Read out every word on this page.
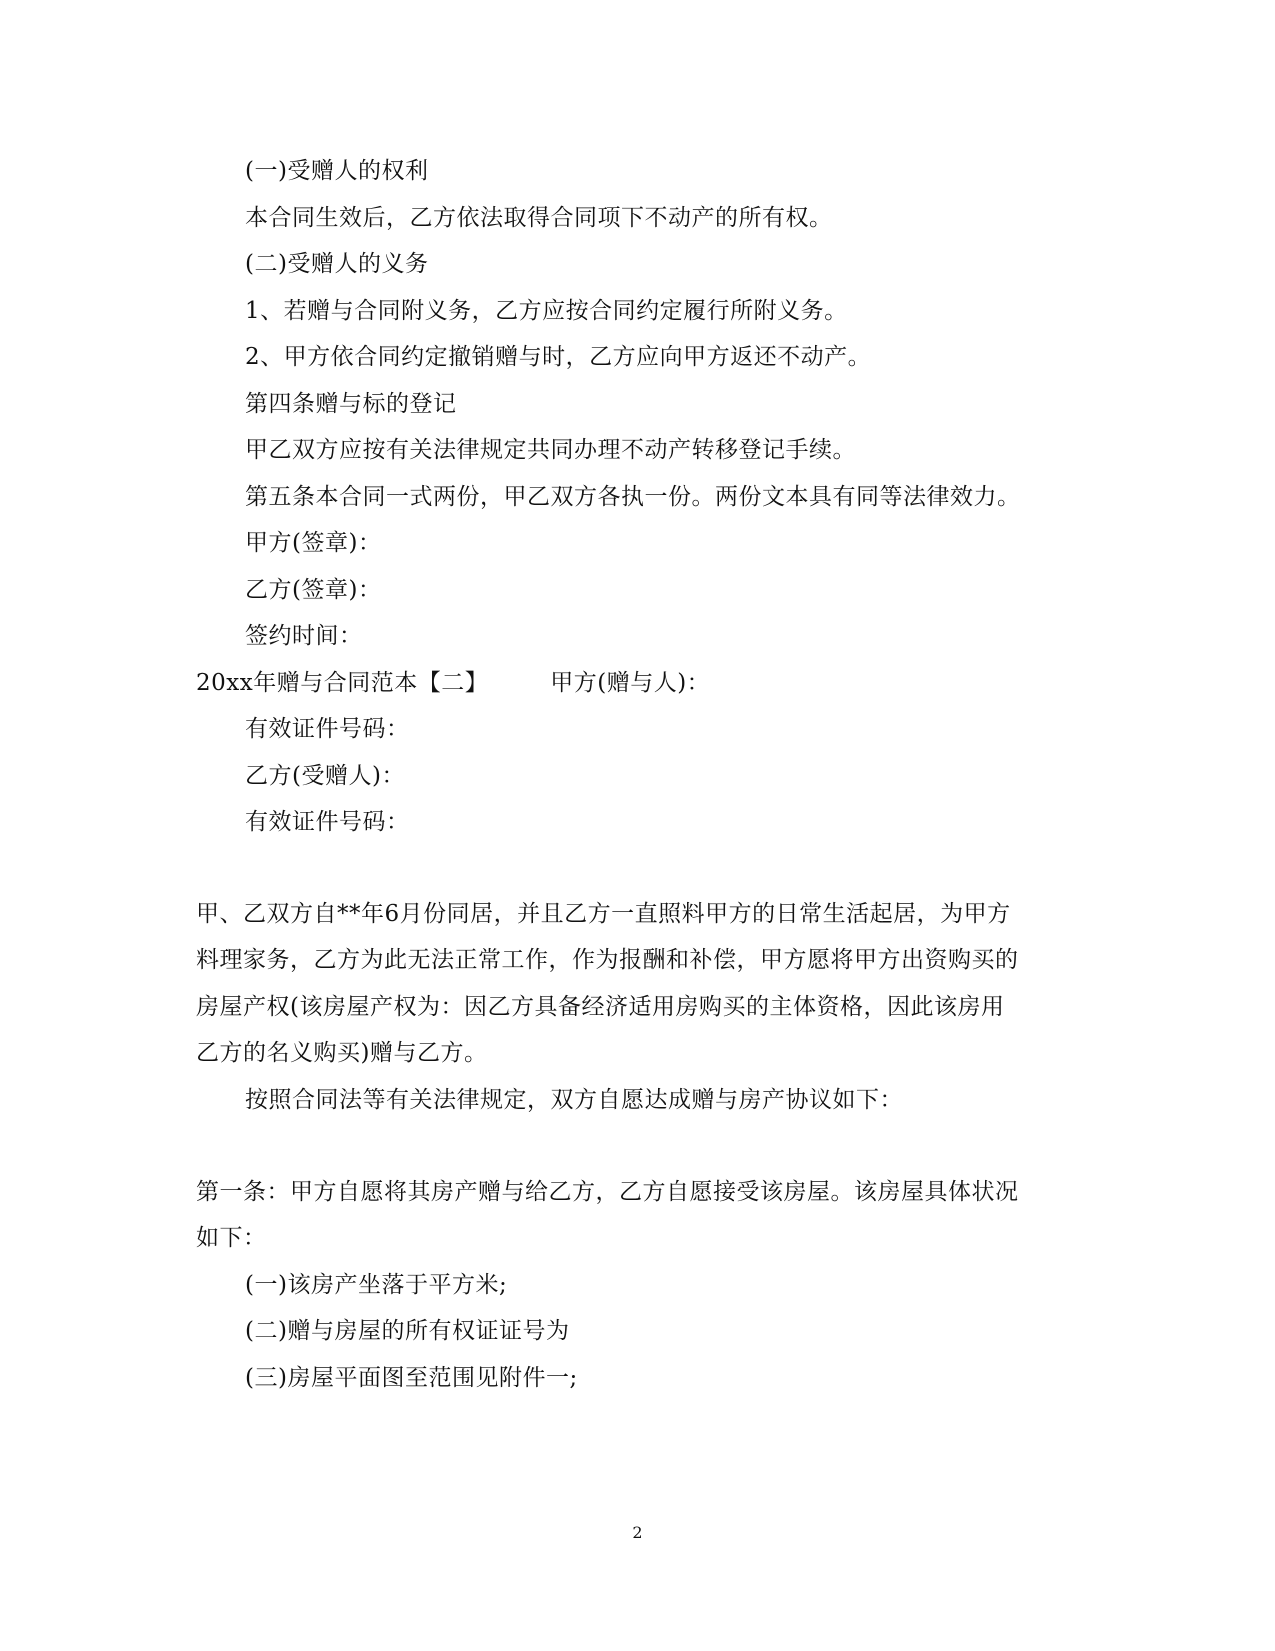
(一)受赠人的权利
本合同生效后，乙方依法取得合同项下不动产的所有权。
(二)受赠人的义务
1、若赠与合同附义务，乙方应按合同约定履行所附义务。
2、甲方依合同约定撤销赠与时，乙方应向甲方返还不动产。
第四条赠与标的登记
甲乙双方应按有关法律规定共同办理不动产转移登记手续。
第五条本合同一式两份，甲乙双方各执一份。两份文本具有同等法律效力。
甲方(签章)：
乙方(签章)：
签约时间：
20xx年赠与合同范本【二】	甲方(赠与人)：
有效证件号码：
乙方(受赠人)：
有效证件号码：
甲、乙双方自**年6月份同居，并且乙方一直照料甲方的日常生活起居，为甲方
料理家务，乙方为此无法正常工作，作为报酬和补偿，甲方愿将甲方出资购买的
房屋产权(该房屋产权为：因乙方具备经济适用房购买的主体资格，因此该房用
乙方的名义购买)赠与乙方。
按照合同法等有关法律规定，双方自愿达成赠与房产协议如下：
第一条：甲方自愿将其房产赠与给乙方，乙方自愿接受该房屋。该房屋具体状况
如下：
(一)该房产坐落于平方米;
(二)赠与房屋的所有权证证号为
(三)房屋平面图至范围见附件一;
2
